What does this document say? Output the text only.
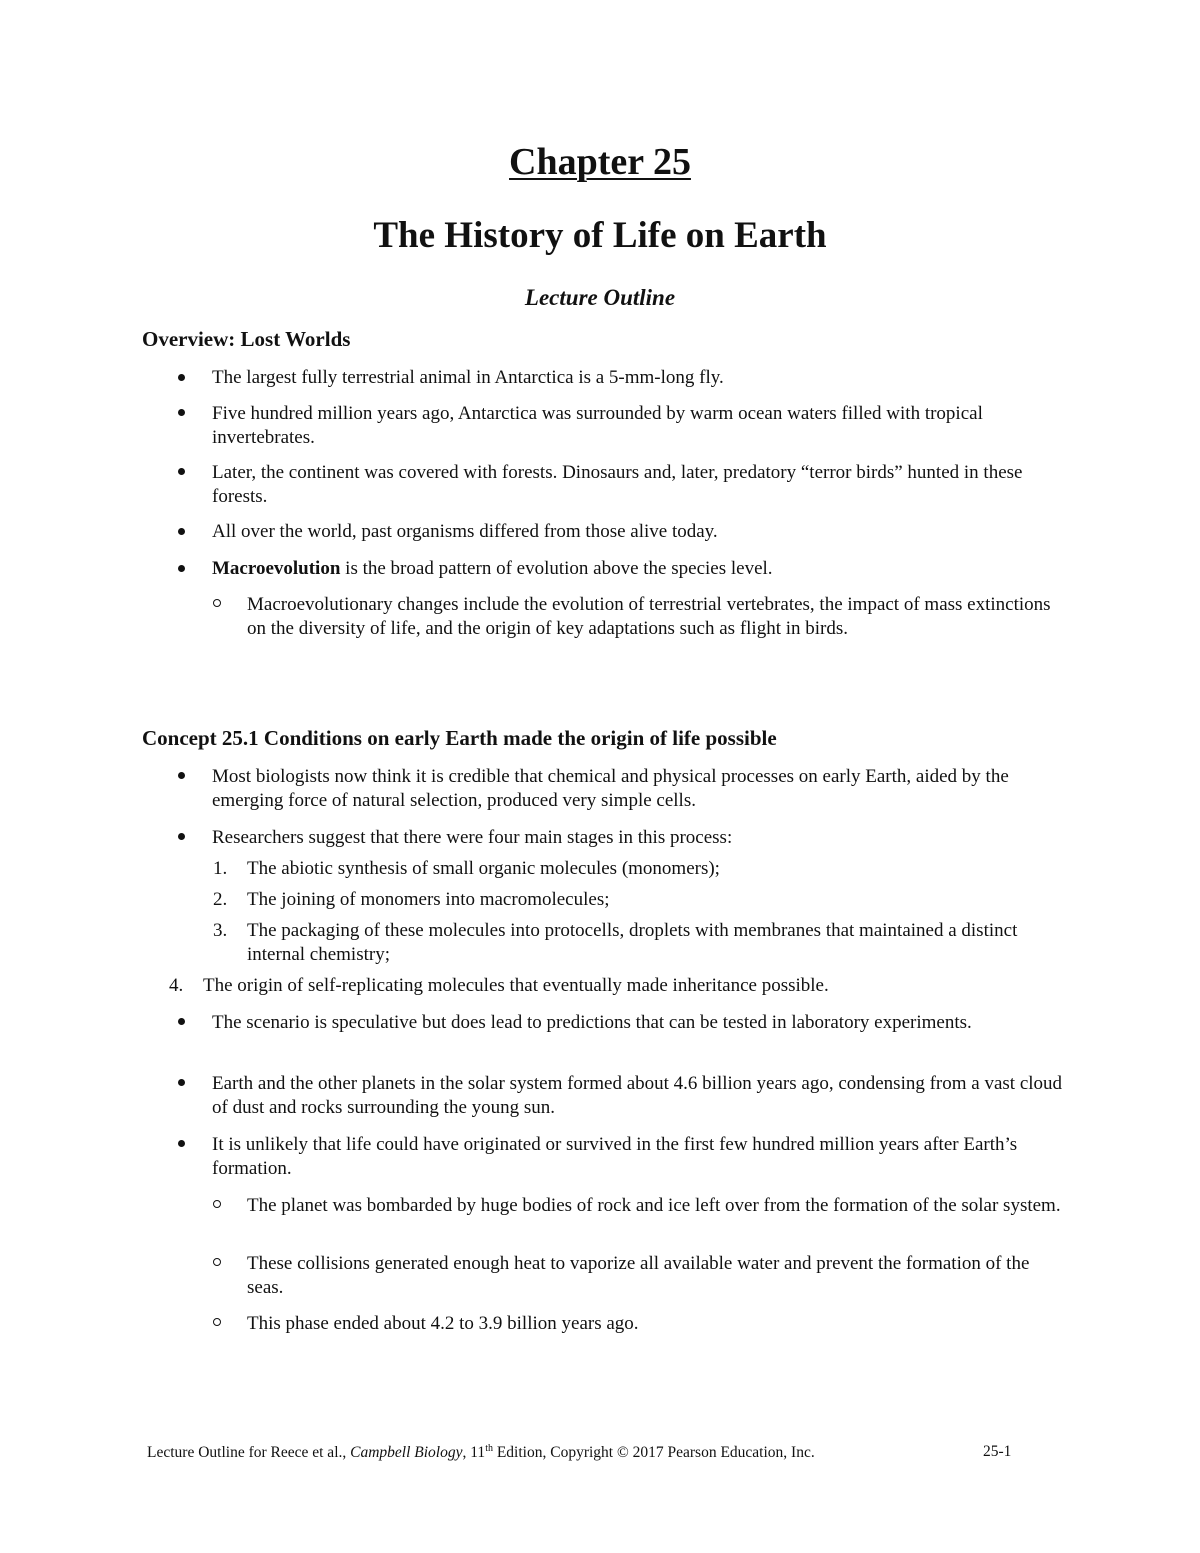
Chapter 25
The History of Life on Earth
Lecture Outline
Overview: Lost Worlds
The largest fully terrestrial animal in Antarctica is a 5-mm-long fly.
Five hundred million years ago, Antarctica was surrounded by warm ocean waters filled with tropical invertebrates.
Later, the continent was covered with forests. Dinosaurs and, later, predatory “terror birds” hunted in these forests.
All over the world, past organisms differed from those alive today.
Macroevolution is the broad pattern of evolution above the species level.
Macroevolutionary changes include the evolution of terrestrial vertebrates, the impact of mass extinctions on the diversity of life, and the origin of key adaptations such as flight in birds.
Concept 25.1 Conditions on early Earth made the origin of life possible
Most biologists now think it is credible that chemical and physical processes on early Earth, aided by the emerging force of natural selection, produced very simple cells.
Researchers suggest that there were four main stages in this process:
1. The abiotic synthesis of small organic molecules (monomers);
2. The joining of monomers into macromolecules;
3. The packaging of these molecules into protocells, droplets with membranes that maintained a distinct internal chemistry;
4. The origin of self-replicating molecules that eventually made inheritance possible.
The scenario is speculative but does lead to predictions that can be tested in laboratory experiments.
Earth and the other planets in the solar system formed about 4.6 billion years ago, condensing from a vast cloud of dust and rocks surrounding the young sun.
It is unlikely that life could have originated or survived in the first few hundred million years after Earth’s formation.
The planet was bombarded by huge bodies of rock and ice left over from the formation of the solar system.
These collisions generated enough heat to vaporize all available water and prevent the formation of the seas.
This phase ended about 4.2 to 3.9 billion years ago.
Lecture Outline for Reece et al., Campbell Biology, 11th Edition, Copyright © 2017 Pearson Education, Inc.	25-1
